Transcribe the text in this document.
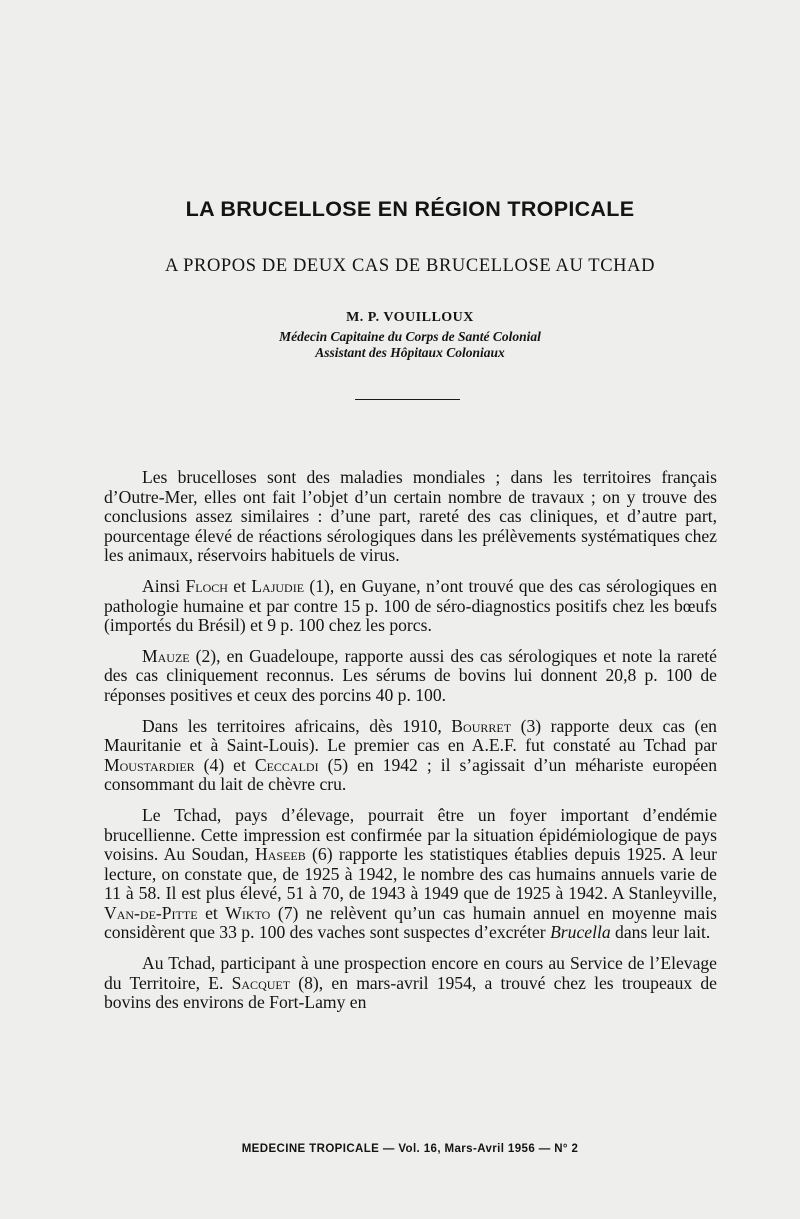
LA BRUCELLOSE EN RÉGION TROPICALE
A PROPOS DE DEUX CAS DE BRUCELLOSE AU TCHAD
M. P. VOUILLOUX
Médecin Capitaine du Corps de Santé Colonial
Assistant des Hôpitaux Coloniaux

Les brucelloses sont des maladies mondiales ; dans les territoires français d’Outre-Mer, elles ont fait l’objet d’un certain nombre de travaux ; on y trouve des conclusions assez similaires : d’une part, rareté des cas cliniques, et d’autre part, pourcentage élevé de réactions sérologiques dans les prélèvements systématiques chez les animaux, réservoirs habituels de virus.

Ainsi Floch et Lajudie (1), en Guyane, n’ont trouvé que des cas sérologiques en pathologie humaine et par contre 15 p. 100 de séro-diagnostics positifs chez les bœufs (importés du Brésil) et 9 p. 100 chez les porcs.

Mauze (2), en Guadeloupe, rapporte aussi des cas sérologiques et note la rareté des cas cliniquement reconnus. Les sérums de bovins lui donnent 20,8 p. 100 de réponses positives et ceux des porcins 40 p. 100.

Dans les territoires africains, dès 1910, Bourret (3) rapporte deux cas (en Mauritanie et à Saint-Louis). Le premier cas en A.E.F. fut constaté au Tchad par Moustardier (4) et Ceccaldi (5) en 1942 ; il s’agissait d’un méhariste européen consommant du lait de chèvre cru.

Le Tchad, pays d’élevage, pourrait être un foyer important d’endémie brucellienne. Cette impression est confirmée par la situation épidémiologique de pays voisins. Au Soudan, Haseeb (6) rapporte les statistiques établies depuis 1925. A leur lecture, on constate que, de 1925 à 1942, le nombre des cas humains annuels varie de 11 à 58. Il est plus élevé, 51 à 70, de 1943 à 1949 que de 1925 à 1942. A Stanleyville, Van-de-Pitte et Wikto (7) ne relèvent qu’un cas humain annuel en moyenne mais considèrent que 33 p. 100 des vaches sont suspectes d’excréter Brucella dans leur lait.

Au Tchad, participant à une prospection encore en cours au Service de l’Elevage du Territoire, E. Sacquet (8), en mars-avril 1954, a trouvé chez les troupeaux de bovins des environs de Fort-Lamy en

MEDECINE TROPICALE — Vol. 16, Mars-Avril 1956 — N° 2
